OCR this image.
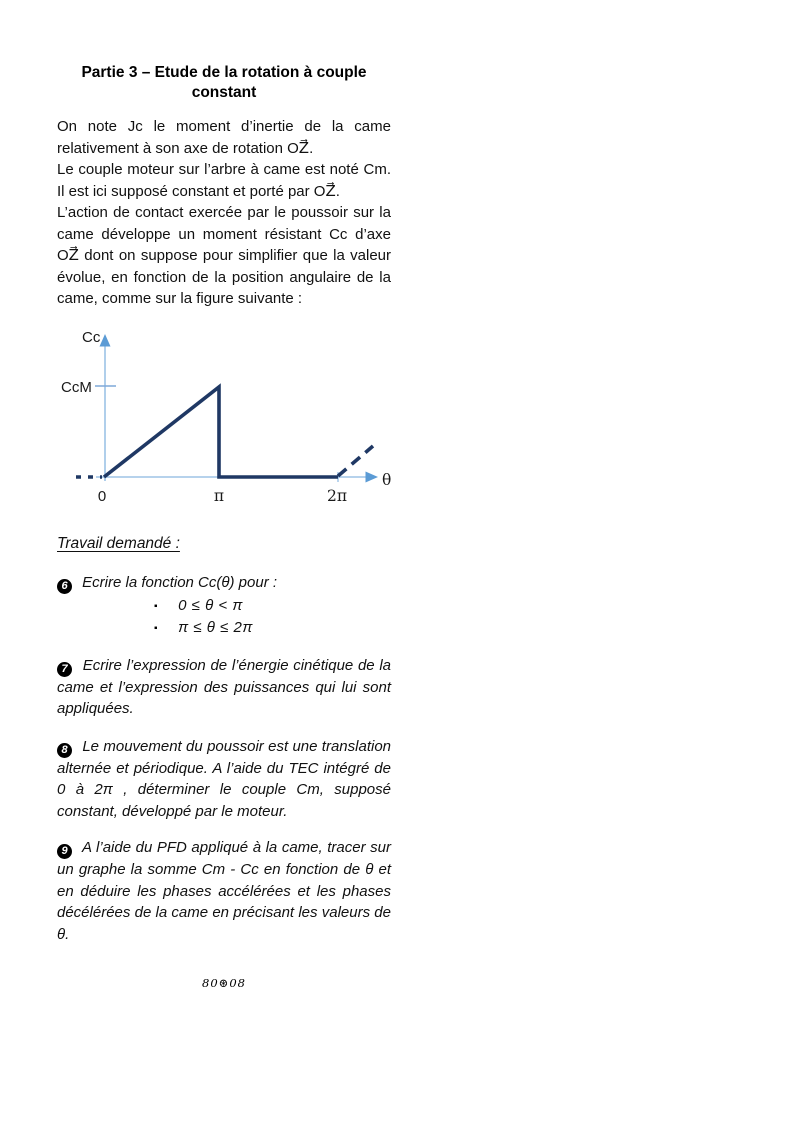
Partie 3 – Etude de la rotation à couple constant

On note Jc le moment d’inertie de la came relativement à son axe de rotation OZ⃗.

Le couple moteur sur l’arbre à came est noté Cm. Il est ici supposé constant et porté par OZ⃗.

L’action de contact exercée par le poussoir sur la came développe un moment résistant Cc d’axe OZ⃗ dont on suppose pour simplifier que la valeur évolue, en fonction de la position angulaire de la came, comme sur la figure suivante :

Cc
CcM
0	π	2π
θ
Travail demandé :

6 Ecrire la fonction Cc(θ) pour :

▪ 0 ≤ θ < π
▪ π ≤ θ ≤ 2π

7 Ecrire l’expression de l’énergie cinétique de la came et l’expression des puissances qui lui sont appliquées.

8 Le mouvement du poussoir est une translation alternée et périodique. A l’aide du TEC intégré de 0 à 2π , déterminer le couple Cm, supposé constant, développé par le moteur.

9 A l’aide du PFD appliqué à la came, tracer sur un graphe la somme Cm - Cc en fonction de θ et en déduire les phases accélérées et les phases décélérées de la came en précisant les valeurs de θ.

80⊛08
